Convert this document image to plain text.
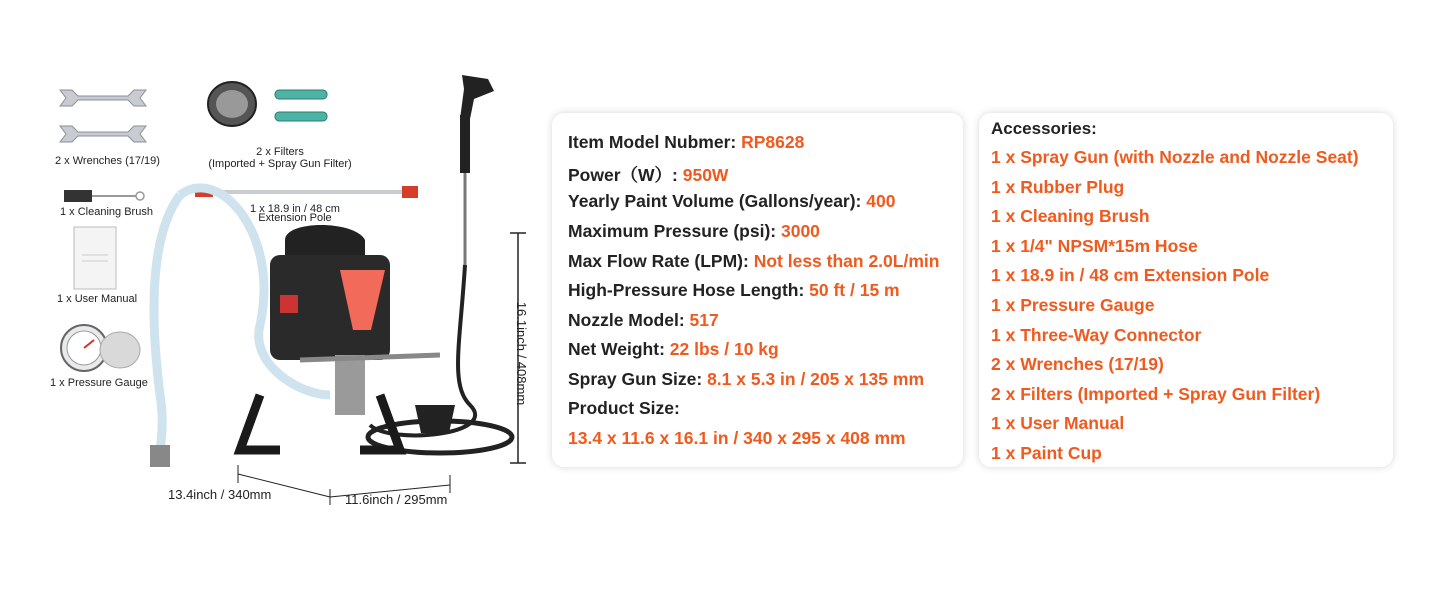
2 x Wrenches (17/19)
2 x Filters
(Imported + Spray Gun Filter)
1 x Cleaning Brush	1 x 18.9 in / 48 cm
Extension Pole
1 x User Manual
1 x Pressure Gauge
13.4inch / 340mm	11.6inch / 295mm
16.1inch / 408mm
Item Model Nubmer: RP8628
Power（W）: 950W
Yearly Paint Volume (Gallons/year): 400
Maximum Pressure (psi): 3000
Max Flow Rate (LPM): Not less than 2.0L/min
High-Pressure Hose Length: 50 ft / 15 m
Nozzle Model: 517
Net Weight: 22 lbs / 10 kg
Spray Gun Size: 8.1 x 5.3 in / 205 x 135 mm
Product Size:
13.4 x 11.6 x 16.1 in / 340 x 295 x 408 mm
Accessories:
1 x Spray Gun (with Nozzle and Nozzle Seat)
1 x Rubber Plug
1 x Cleaning Brush
1 x 1/4" NPSM*15m Hose
1 x 18.9 in / 48 cm Extension Pole
1 x Pressure Gauge
1 x Three-Way Connector
2 x Wrenches (17/19)
2 x Filters (Imported + Spray Gun Filter)
1 x User Manual
1 x Paint Cup
